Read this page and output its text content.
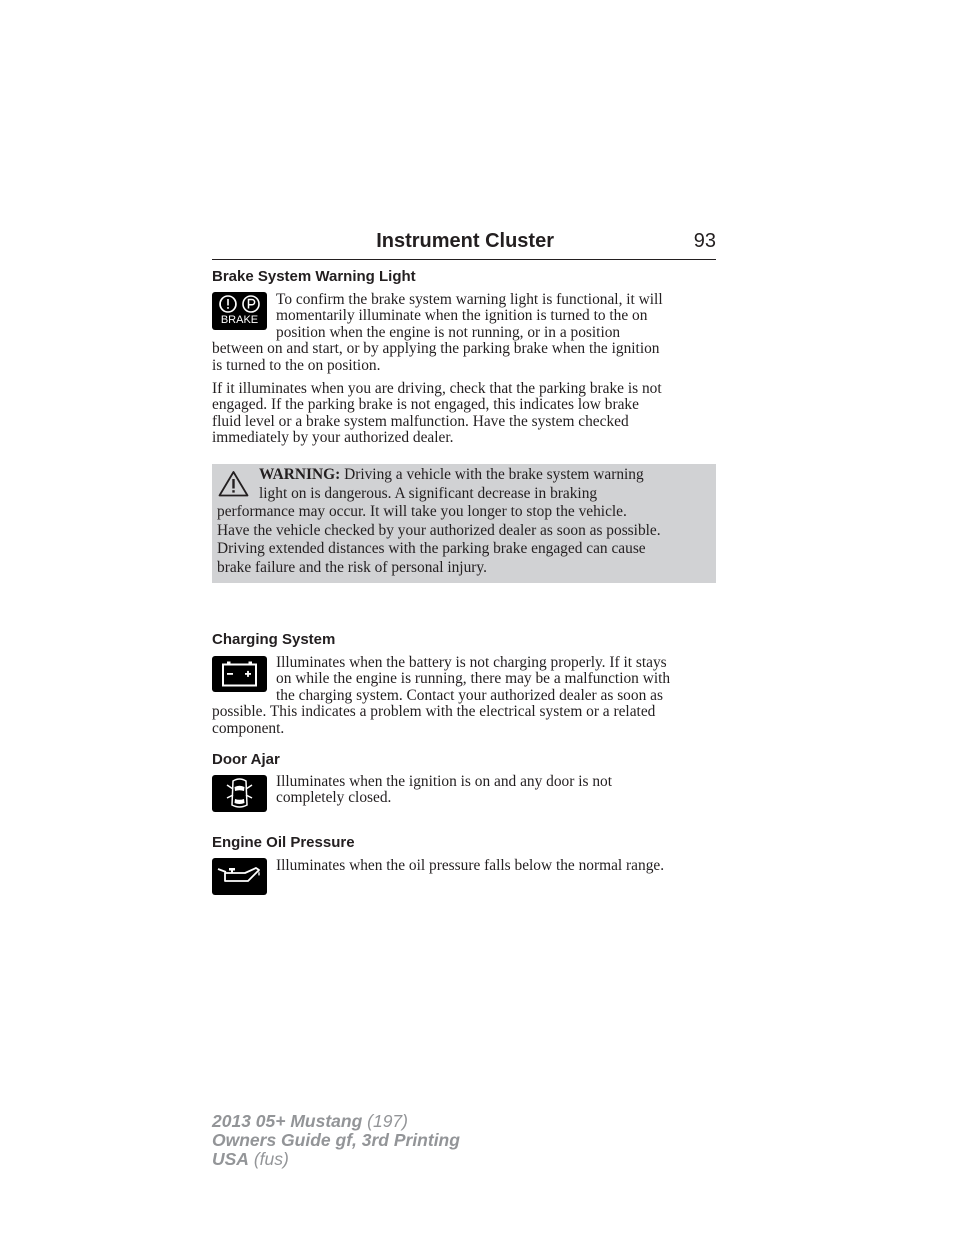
Instrument Cluster	93
Brake System Warning Light
BRAKE
To confirm the brake system warning light is functional, it will
momentarily illuminate when the ignition is turned to the on
position when the engine is not running, or in a position
between on and start, or by applying the parking brake when the ignition
is turned to the on position.
If it illuminates when you are driving, check that the parking brake is not
engaged. If the parking brake is not engaged, this indicates low brake
fluid level or a brake system malfunction. Have the system checked
immediately by your authorized dealer.
WARNING: Driving a vehicle with the brake system warning
light on is dangerous. A significant decrease in braking
performance may occur. It will take you longer to stop the vehicle.
Have the vehicle checked by your authorized dealer as soon as possible.
Driving extended distances with the parking brake engaged can cause
brake failure and the risk of personal injury.
Charging System
Illuminates when the battery is not charging properly. If it stays
on while the engine is running, there may be a malfunction with
the charging system. Contact your authorized dealer as soon as
possible. This indicates a problem with the electrical system or a related
component.
Door Ajar
Illuminates when the ignition is on and any door is not
completely closed.
Engine Oil Pressure
Illuminates when the oil pressure falls below the normal range.
2013 05+ Mustang (197)
Owners Guide gf, 3rd Printing
USA (fus)
